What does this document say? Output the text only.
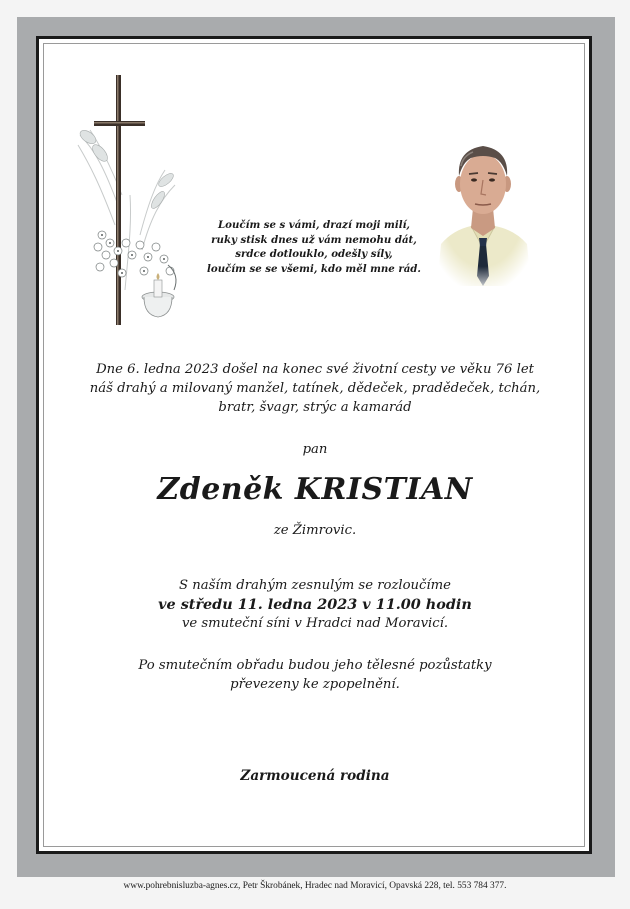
Loučím se s vámi, drazí moji milí,
ruky stisk dnes už vám nemohu dát,
srdce dotlouklo, odešly síly,
loučím se se všemi, kdo měl mne rád.
Dne 6. ledna 2023 došel na konec své životní cesty ve věku 76 let
náš drahý a milovaný manžel, tatínek, dědeček, pradědeček, tchán,
bratr, švagr, strýc a kamarád
pan
Zdeněk KRISTIAN
ze Žimrovic.
S naším drahým zesnulým se rozloučíme
ve středu 11. ledna 2023 v 11.00 hodin
ve smuteční síni v Hradci nad Moravicí.
Po smutečním obřadu budou jeho tělesné pozůstatky
převezeny ke zpopelnění.
Zarmoucená rodina
www.pohrebnisluzba-agnes.cz, Petr Škrobánek, Hradec nad Moravicí, Opavská 228, tel. 553 784 377.
